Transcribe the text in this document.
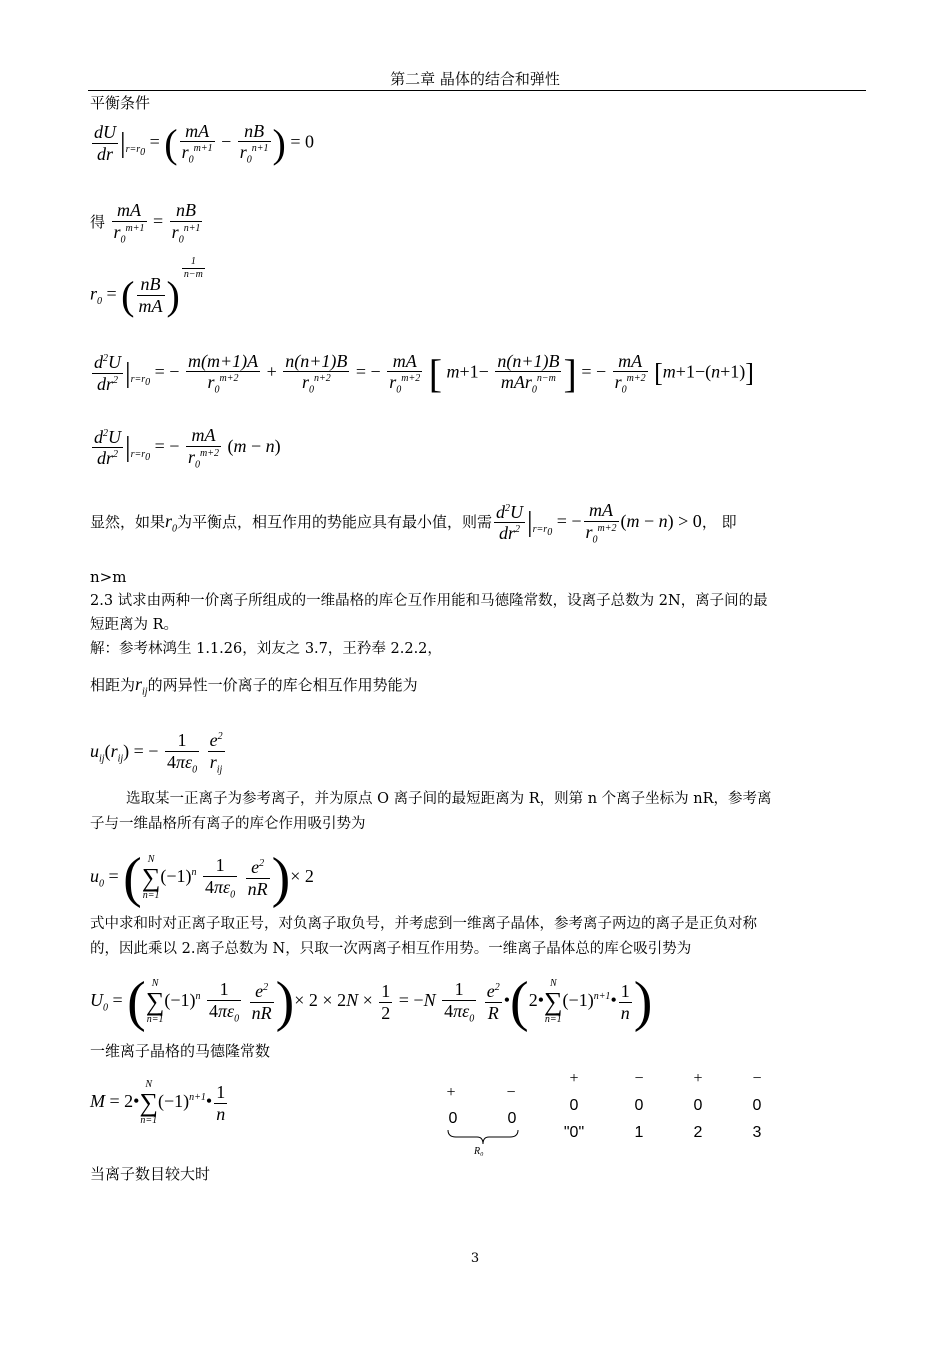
第二章 晶体的结合和弹性
平衡条件
$\frac{dU}{dr} |_{r=r_0}$ = ( $\frac{mA}{r_0^{m+1}} - \frac{nB}{r_0^{n+1}}$ ) = 0
得 $\frac{mA}{r_0^{m+1}} = \frac{nB}{r_0^{n+1}}$
$r_0$ = ( $\frac{nB}{mA}$ )
$^{\frac{1}{n-m}}$
$\frac{d^2U}{dr^2} |_{r=r_0}$ = − $\frac{m(m+1)A}{r_0^{m+2}} + \frac{n(n+1)B}{r_0^{n+2}}$ = − $\frac{mA}{r_0^{m+2}}$ [ $m+1- \frac{n(n+1)B}{mAr_0^{n-m}}$ ] = − $\frac{mA}{r_0^{m+2}} [m+1-(n+1)]$
$\frac{d^2U}{dr^2} |_{r=r_0}$ = − $\frac{mA}{r_0^{m+2}} (m - n)$
显然，如果$r_0$为平衡点，相互作用的势能应具有最小值，则需 $\frac{d^2U}{dr^2} |_{r=r_0}$ = − $\frac{mA}{r_0^{m+2}} (m - n) > 0$， 即
n>m
2.3 试求由两种一价离子所组成的一维晶格的库仑互作用能和马德隆常数，设离子总数为 2N，离子间的最
短距离为 R。
解：参考林鸿生 1.1.26，刘友之 3.7，王矜奉 2.2.2，
相距为$r_{ij}$的两异性一价离子的库仑相互作用势能为
$u_{ij}(r_{ij})$ = − $\frac{1}{4\pi\varepsilon_0}$
$\frac{e^2}{r_{ij}}$
选取某一正离子为参考离子，并为原点 O 离子间的最短距离为 R，则第 n 个离子坐标为 nR，参考离
子与一维晶格所有离子的库仑作用吸引势为
$u_0$ = ( N
∑
n=1
$(-1)^n \frac{1}{4\pi\varepsilon_0}$
$\frac{e^2}{nR}$ )× 2
式中求和时对正离子取正号，对负离子取负号，并考虑到一维离子晶体，参考离子两边的离子是正负对称
的，因此乘以 2.离子总数为 N，只取一次两离子相互作用势。一维离子晶体总的库仑吸引势为
$U_0$ = ( N
∑
n=1
$(-1)^n \frac{1}{4\pi\varepsilon_0}$
$\frac{e^2}{nR}$ )× $2 \times 2N \times \frac{1}{2} = -N \frac{1}{4\pi\varepsilon_0}$
$\frac{e^2}{R}$ •(2•
N
∑
n=1
$(-1)^{n+1}• \frac{1}{n}$ )
一维离子晶格的马德隆常数
M = 2•
N
∑
n=1
$(-1)^{n+1}• \frac{1}{n}$	+	−
0	0
R₀
+	−	+	−
0	0	0	0
"0"	1	2	3
当离子数目较大时
3
